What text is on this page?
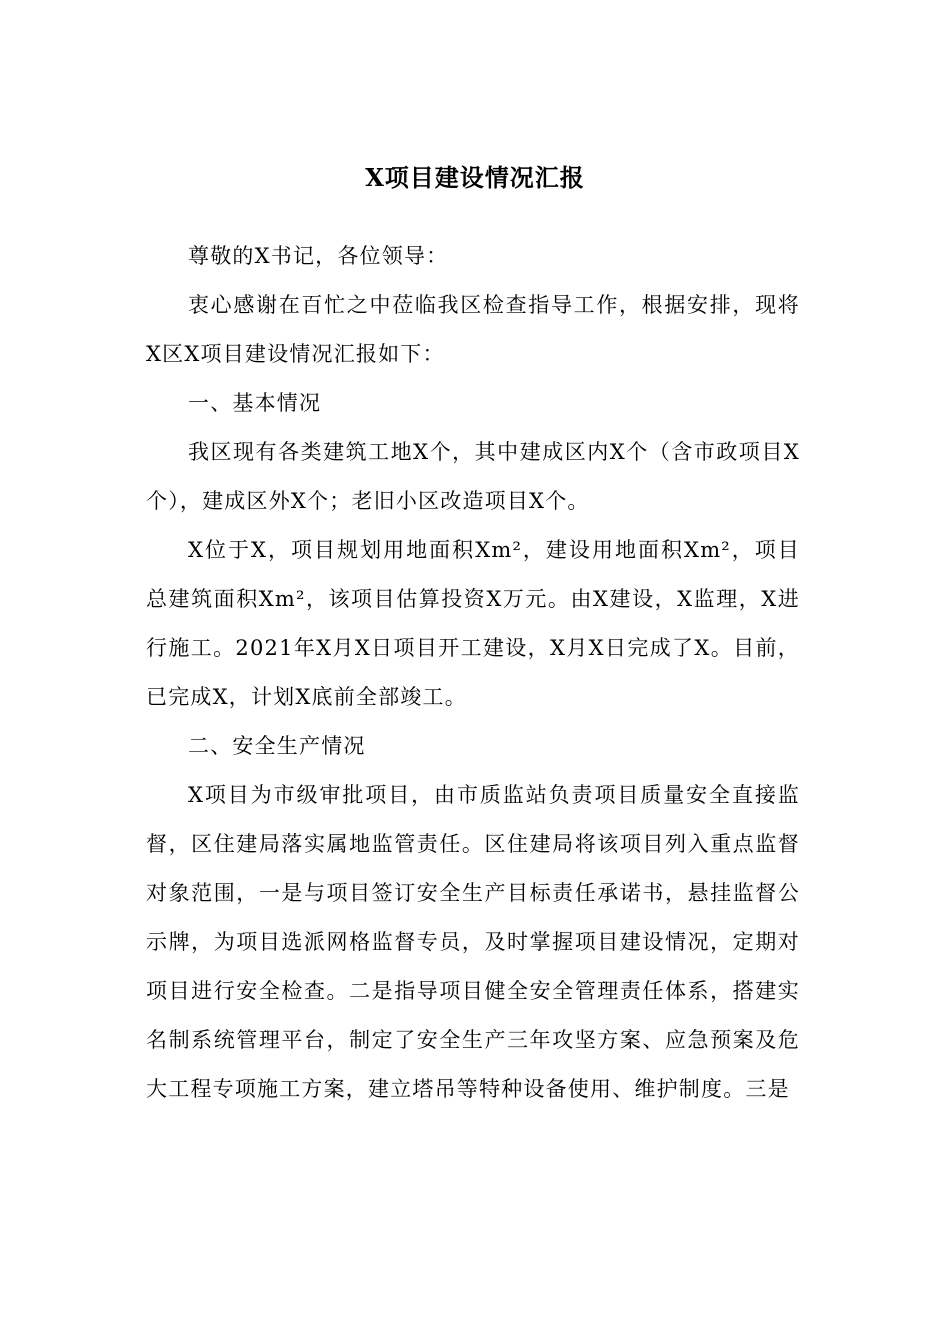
X项目建设情况汇报

尊敬的X书记，各位领导：

衷心感谢在百忙之中莅临我区检查指导工作，根据安排，现将X区X项目建设情况汇报如下：

一、基本情况

我区现有各类建筑工地X个，其中建成区内X个（含市政项目X个），建成区外X个；老旧小区改造项目X个。

X位于X，项目规划用地面积Xm²，建设用地面积Xm²，项目总建筑面积Xm²，该项目估算投资X万元。由X建设，X监理，X进行施工。2021年X月X日项目开工建设，X月X日完成了X。目前，已完成X，计划X底前全部竣工。

二、安全生产情况

X项目为市级审批项目，由市质监站负责项目质量安全直接监督，区住建局落实属地监管责任。区住建局将该项目列入重点监督对象范围，一是与项目签订安全生产目标责任承诺书，悬挂监督公示牌，为项目选派网格监督专员，及时掌握项目建设情况，定期对项目进行安全检查。二是指导项目健全安全管理责任体系，搭建实名制系统管理平台，制定了安全生产三年攻坚方案、应急预案及危大工程专项施工方案，建立塔吊等特种设备使用、维护制度。三是
